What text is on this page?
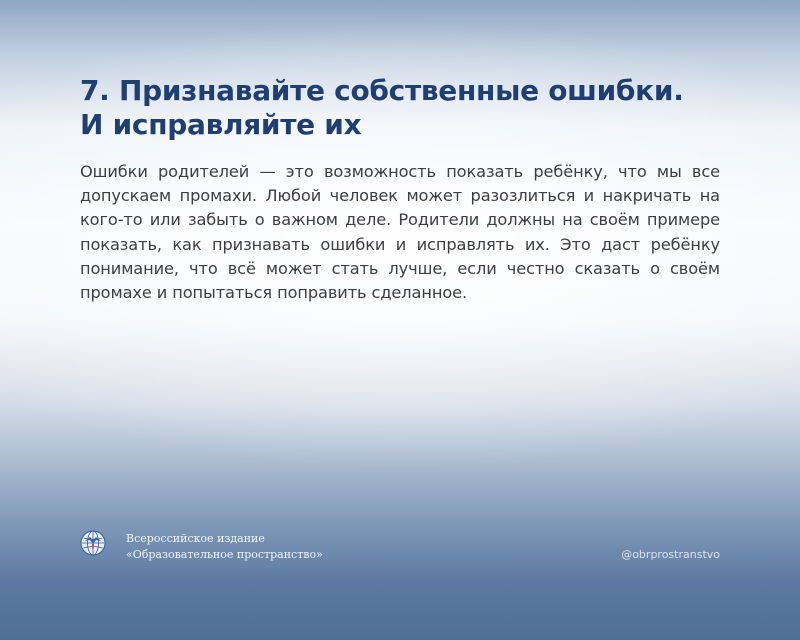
7. Признавайте собственные ошибки.
И исправляйте их

Ошибки родителей — это возможность показать ребёнку, что мы все допускаем промахи. Любой человек может разозлиться и накричать на кого-то или забыть о важном деле. Родители должны на своём примере показать, как признавать ошибки и исправлять их. Это даст ребёнку понимание, что всё может стать лучше, если честно сказать о своём промахе и попытаться поправить сделанное.

Всероссийское издание
«Образовательное пространство»	@obrprostranstvo
